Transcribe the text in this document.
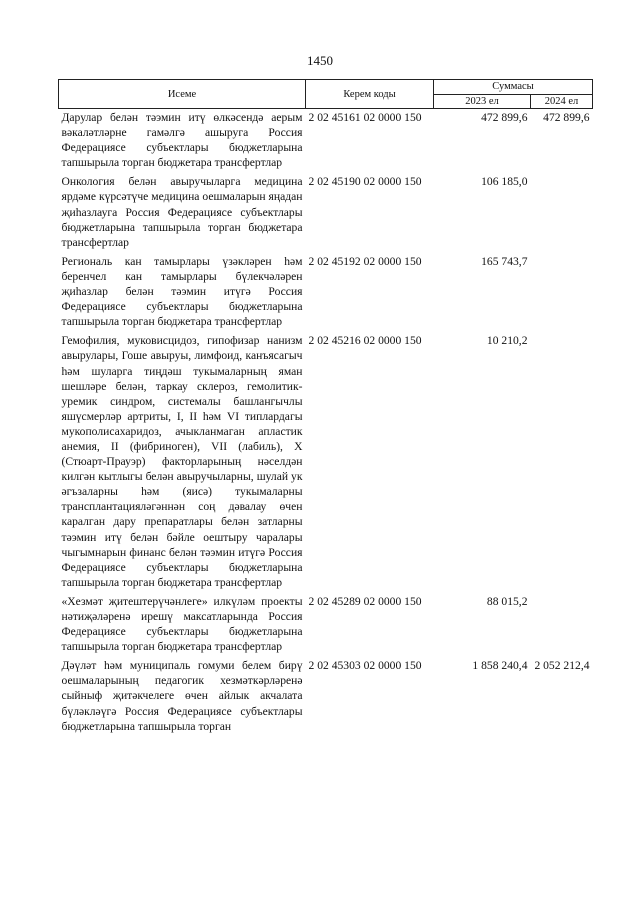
1450
Исеме	Керем коды	Суммасы	
		2023 ел	2024 ел
Дарулар белән тәэмин итү өлкәсендә аерым вәкаләтләрне гамәлгә ашыруга Россия Федерациясе субъектлары бюджетларына тапшырыла торган бюджетара трансфертлар	2 02 45161 02 0000 150	472 899,6	472 899,6
Онкология белән авыручыларга медицина ярдәме күрсәтүче медицина оешмаларын яңадан җиһазлауга Россия Федерациясе субъектлары бюджетларына тапшырыла торган бюджетара трансфертлар	2 02 45190 02 0000 150	106 185,0	
Региональ кан тамырлары үзәкләрен һәм беренчел кан тамырлары бүлекчәләрен җиһазлар белән тәэмин итүгә Россия Федерациясе субъектлары бюджетларына тапшырыла торган бюджетара трансфертлар	2 02 45192 02 0000 150	165 743,7	
Гемофилия, муковисцидоз, гипофизар нанизм авырулары, Гоше авыруы, лимфоид, канъясагыч һәм шуларга тиңдәш тукымаларның яман шешләре белән, таркау склероз, гемолитик-уремик синдром, системалы башлангычлы яшүсмерләр артриты, I, II һәм VI типлардагы мукополисахаридоз, ачыкланмаган апластик анемия, II (фибриноген), VII (лабиль), X (Стюарт-Прауэр) факторларының нәселдән килгән кытлыгы белән авыручыларны, шулай ук әгъзаларны һәм (яисә) тукымаларны трансплантацияләгәннән соң дәвалау өчен каралган дару препаратлары белән затларны тәэмин итү белән бәйле оештыру чаралары чыгымнарын финанс белән тәэмин итүгә Россия Федерациясе субъектлары бюджетларына тапшырыла торган бюджетара трансфертлар	2 02 45216 02 0000 150	10 210,2	
«Хезмәт җитештерүчәнлеге» илкүләм проекты нәтиҗәләренә ирешү максатларында Россия Федерациясе субъектлары бюджетларына тапшырыла торган бюджетара трансфертлар	2 02 45289 02 0000 150	88 015,2	
Дәүләт һәм муниципаль гомуми белем бирү оешмаларының педагогик хезмәткәрләренә сыйныф җитәкчелеге өчен айлык акчалата бүләкләүгә Россия Федерациясе субъектлары бюджетларына тапшырыла торган	2 02 45303 02 0000 150	1 858 240,4	2 052 212,4
